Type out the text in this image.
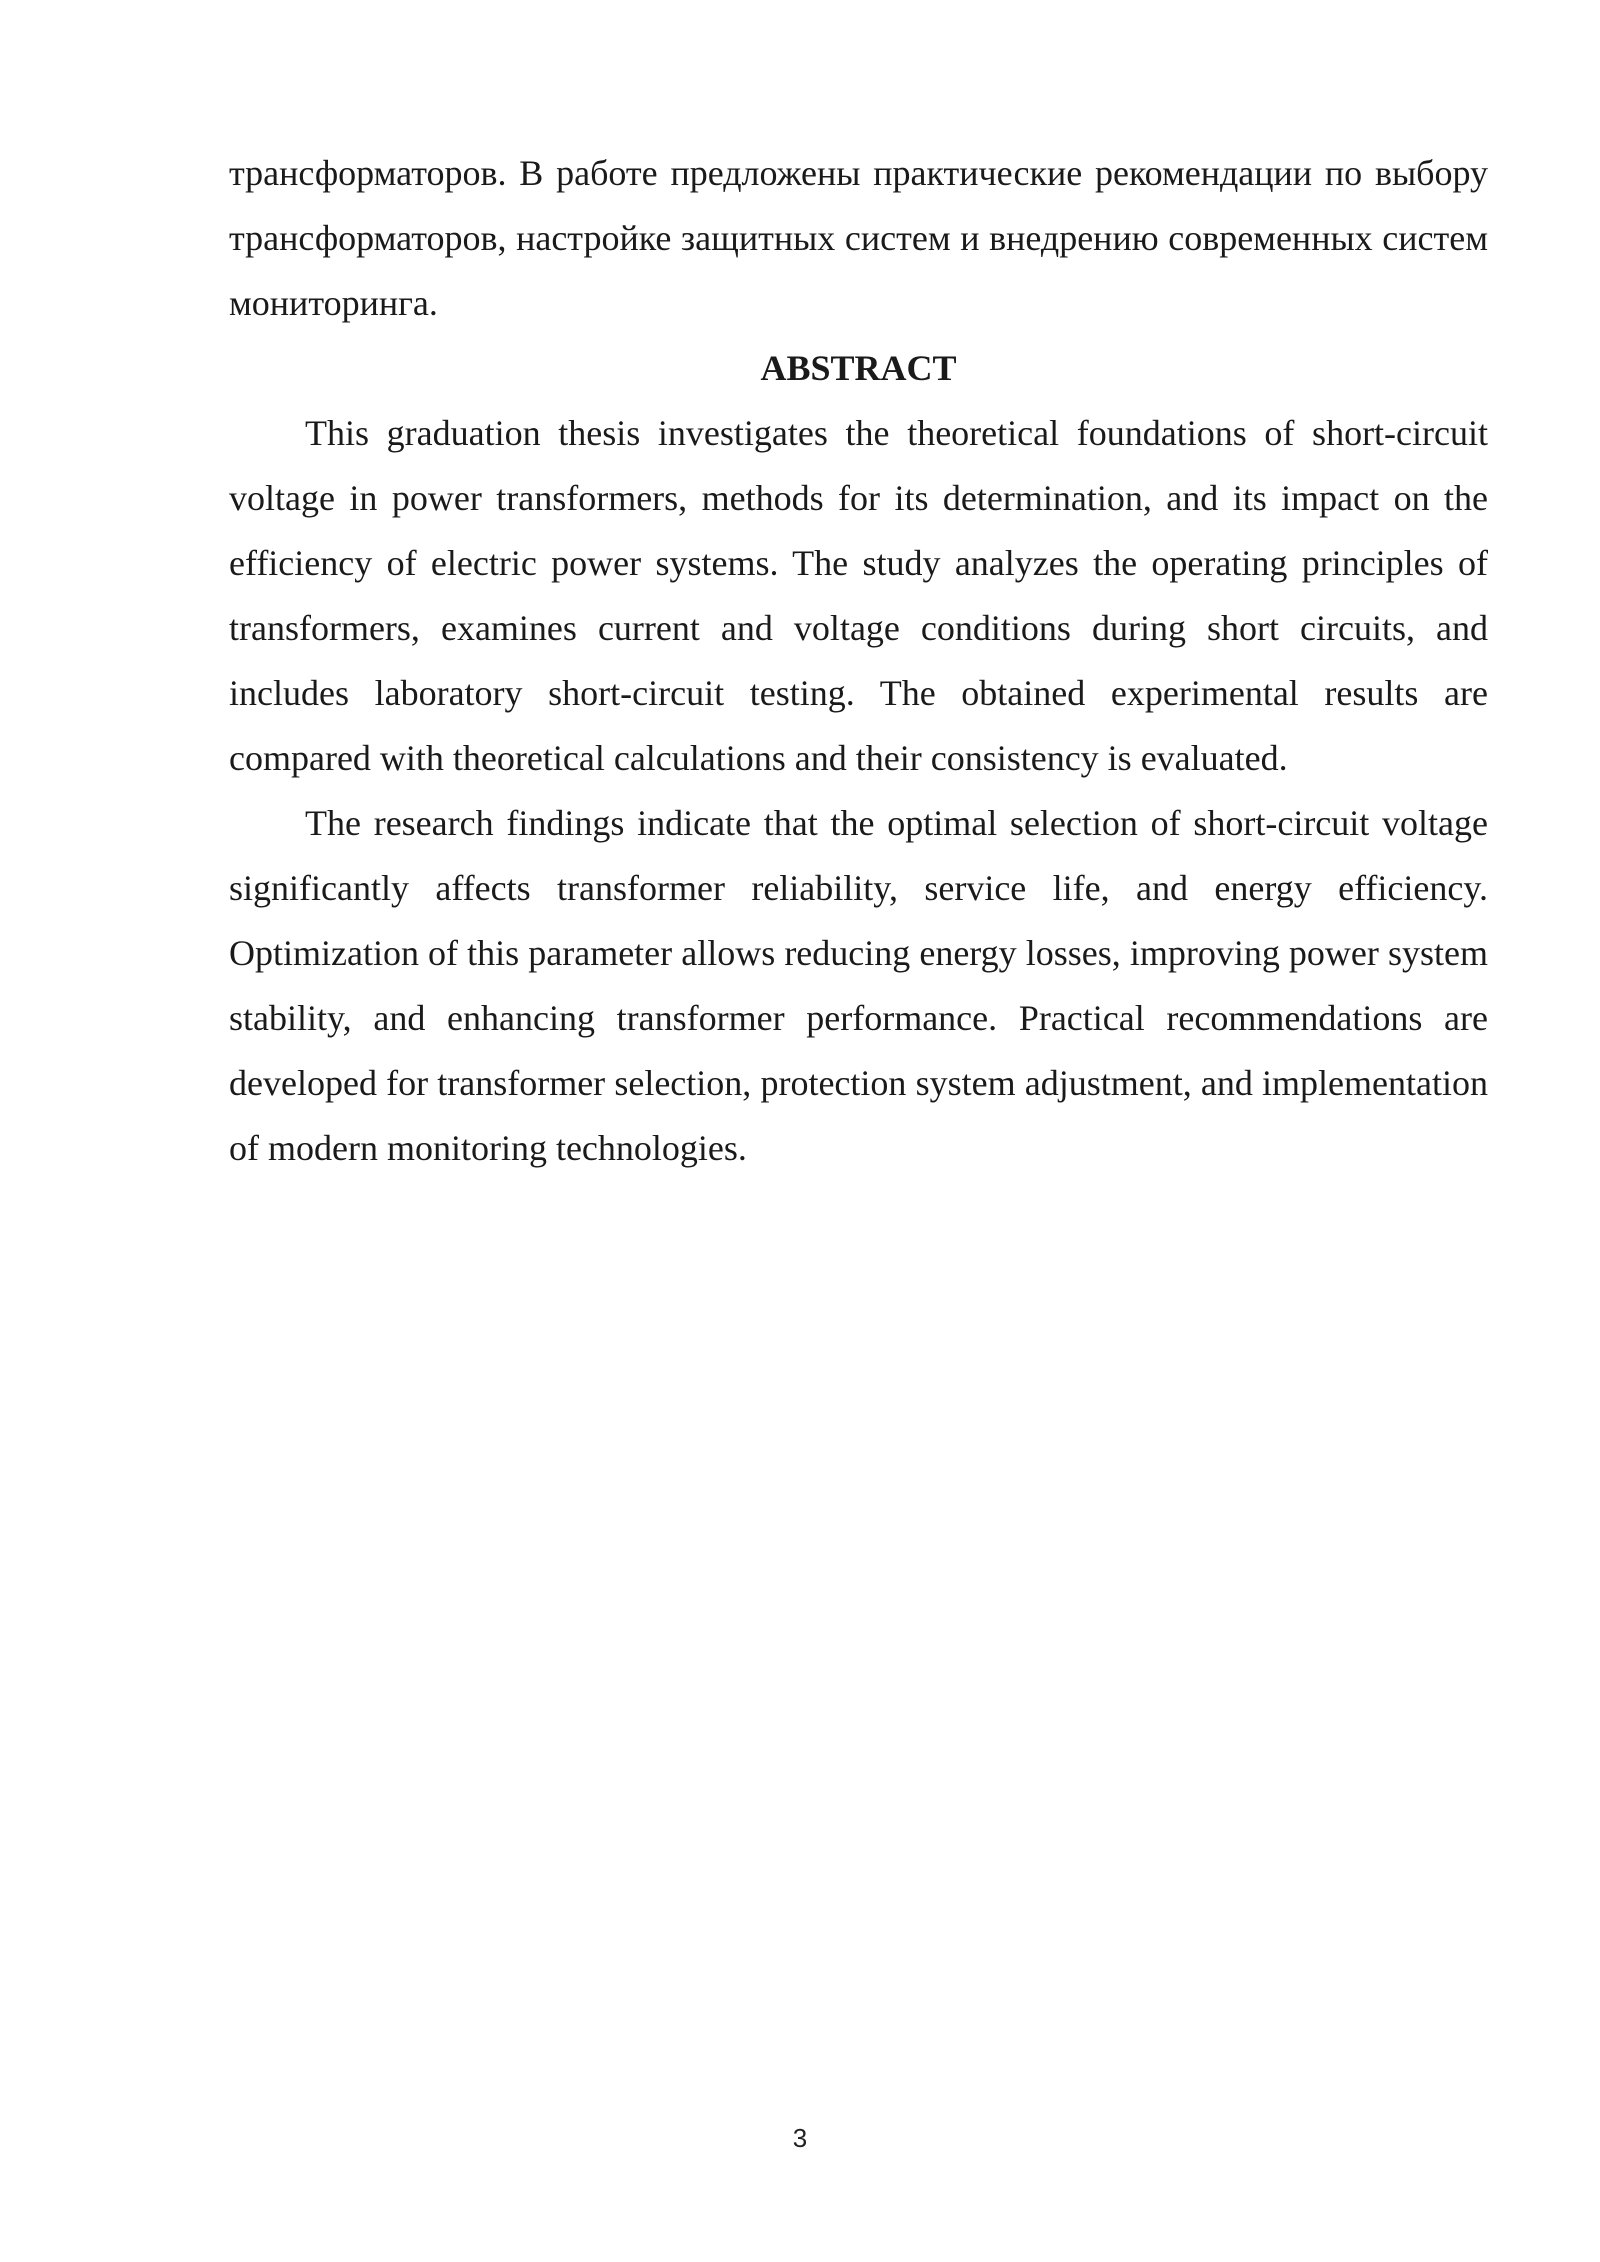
трансформаторов. В работе предложены практические рекомендации по выбору трансформаторов, настройке защитных систем и внедрению современных систем мониторинга.

ABSTRACT

This graduation thesis investigates the theoretical foundations of short-circuit voltage in power transformers, methods for its determination, and its impact on the efficiency of electric power systems. The study analyzes the operating principles of transformers, examines current and voltage conditions during short circuits, and includes laboratory short-circuit testing. The obtained experimental results are compared with theoretical calculations and their consistency is evaluated.

The research findings indicate that the optimal selection of short-circuit voltage significantly affects transformer reliability, service life, and energy efficiency. Optimization of this parameter allows reducing energy losses, improving power system stability, and enhancing transformer performance. Practical recommendations are developed for transformer selection, protection system adjustment, and implementation of modern monitoring technologies.

3
